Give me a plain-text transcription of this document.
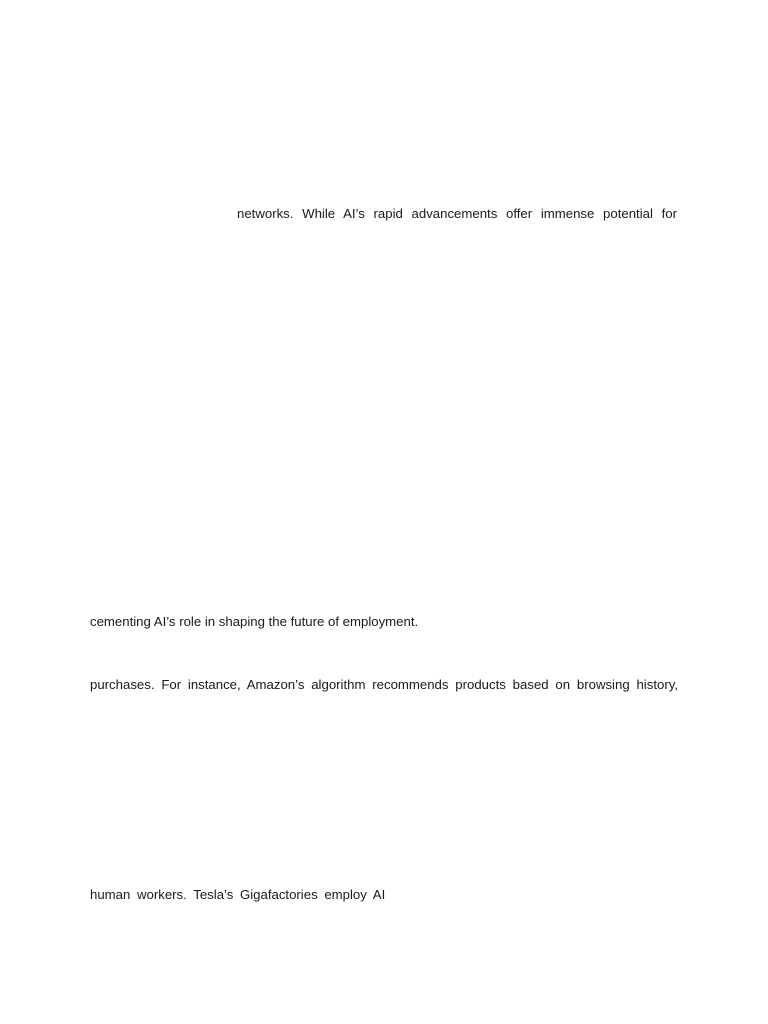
networks. While AI’s rapid advancements offer immense potential for
cementing AI’s role in shaping the future of employment.
purchases. For instance, Amazon’s algorithm recommends products based on browsing history,
human workers. Tesla’s Gigafactories employ AI
